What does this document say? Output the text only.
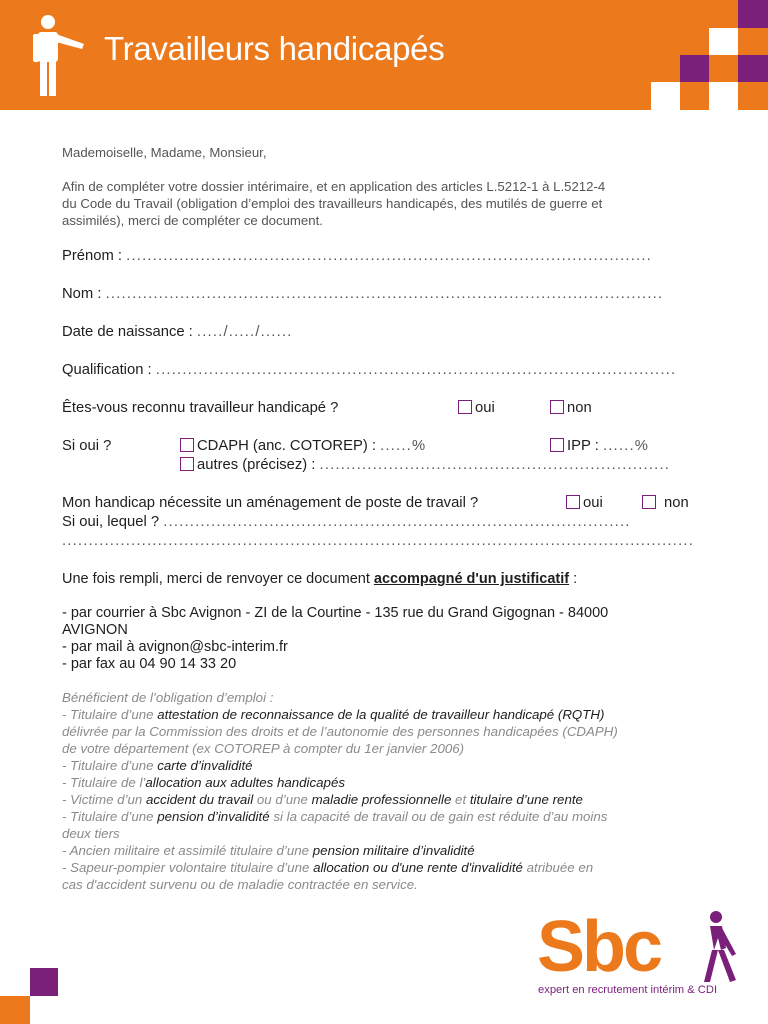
Travailleurs handicapés
Mademoiselle, Madame, Monsieur,

Afin de compléter votre dossier intérimaire, et en application des articles L.5212-1 à L.5212-4

du Code du Travail (obligation d’emploi des travailleurs handicapés, des mutilés de guerre et

assimilés), merci de compléter ce document.

Prénom : ...................................................................................................
Nom : .........................................................................................................
Date de naissance : ...../...../......
Qualification : ..................................................................................................
Êtes-vous reconnu travailleur handicapé ?	oui	non
Si oui ?	CDAPH (anc. COTOREP) : ......%	IPP : ......%
autres (précisez) : ..................................................................
Mon handicap nécessite un aménagement de poste de travail ?	oui	non
Si oui, lequel ? ........................................................................................
.......................................................................................................................

Une fois rempli, merci de renvoyer ce document accompagné d'un justificatif :

- par courrier à Sbc Avignon - ZI de la Courtine - 135 rue du Grand Gigognan - 84000

AVIGNON

- par mail à avignon@sbc-interim.fr

- par fax au 04 90 14 33 20

Bénéficient de l’obligation d’emploi :

- Titulaire d’une attestation de reconnaissance de la qualité de travailleur handicapé (RQTH)

délivrée par la Commission des droits et de l’autonomie des personnes handicapées (CDAPH)

de votre département (ex COTOREP à compter du 1er janvier 2006)

- Titulaire d’une carte d’invalidité

- Titulaire de l’allocation aux adultes handicapés

- Victime d’un accident du travail ou d’une maladie professionnelle et titulaire d’une rente

- Titulaire d’une pension d’invalidité si la capacité de travail ou de gain est réduite d’au moins

deux tiers

- Ancien militaire et assimilé titulaire d’une pension militaire d’invalidité

- Sapeur-pompier volontaire titulaire d’une allocation ou d'une rente d'invalidité atribuée en

cas d'accident survenu ou de maladie contractée en service.

Sbc
expert en recrutement intérim & CDI
